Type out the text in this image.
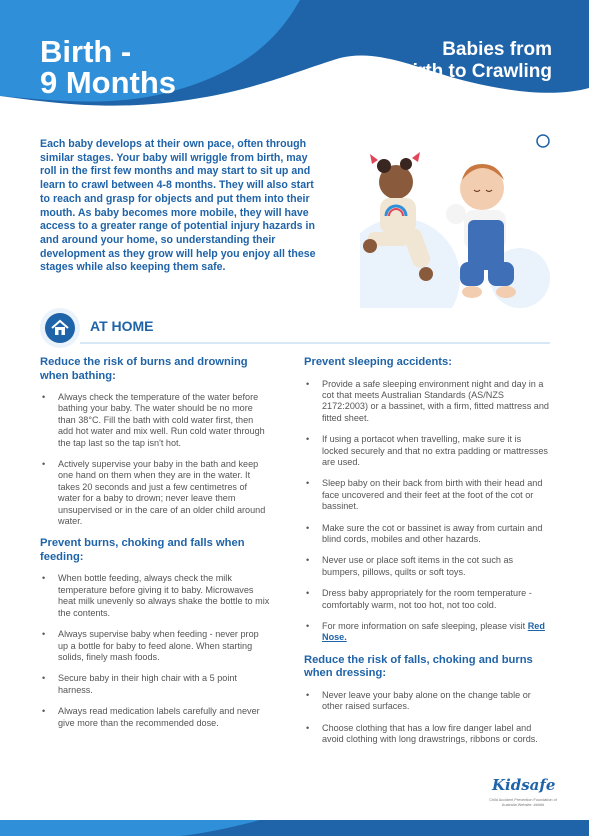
Birth -
9 Months
Babies from
Birth to Crawling

Each baby develops at their own pace, often through similar stages. Your baby will wriggle from birth, may roll in the first few months and may start to sit up and learn to crawl between 4-8 months. They will also start to reach and grasp for objects and put them into their mouth. As baby becomes more mobile, they will have access to a greater range of potential injury hazards in and around your home, so understanding their development as they grow will help you enjoy all these stages while also keeping them safe.

AT HOME
Reduce the risk of burns and drowning when bathing:
• Always check the temperature of the water before bathing your baby. The water should be no more than 38°C. Fill the bath with cold water first, then add hot water and mix well. Run cold water through the tap last so the tap isn't hot.
• Actively supervise your baby in the bath and keep one hand on them when they are in the water. It takes 20 seconds and just a few centimetres of water for a baby to drown; never leave them unsupervised or in the care of an older child around water.
Prevent burns, choking and falls when feeding:
• When bottle feeding, always check the milk temperature before giving it to baby. Microwaves heat milk unevenly so always shake the bottle to mix the contents.
• Always supervise baby when feeding - never prop up a bottle for baby to feed alone. When starting solids, finely mash foods.
• Secure baby in their high chair with a 5 point harness.
• Always read medication labels carefully and never give more than the recommended dose.
Prevent sleeping accidents:
• Provide a safe sleeping environment night and day in a cot that meets Australian Standards (AS/NZS 2172:2003) or a bassinet, with a firm, fitted mattress and fitted sheet.
• If using a portacot when travelling, make sure it is locked securely and that no extra padding or mattresses are used.
• Sleep baby on their back from birth with their head and face uncovered and their feet at the foot of the cot or bassinet.
• Make sure the cot or bassinet is away from curtain and blind cords, mobiles and other hazards.
• Never use or place soft items in the cot such as bumpers, pillows, quilts or soft toys.
• Dress baby appropriately for the room temperature - comfortably warm, not too hot, not too cold.
• For more information on safe sleeping, please visit Red Nose.
Reduce the risk of falls, choking and burns when dressing:
• Never leave your baby alone on the change table or other raised surfaces.
• Choose clothing that has a low fire danger label and avoid clothing with long drawstrings, ribbons or cords.
Kidsafe
Child Accident Prevention Foundation of Australia Website: #####
